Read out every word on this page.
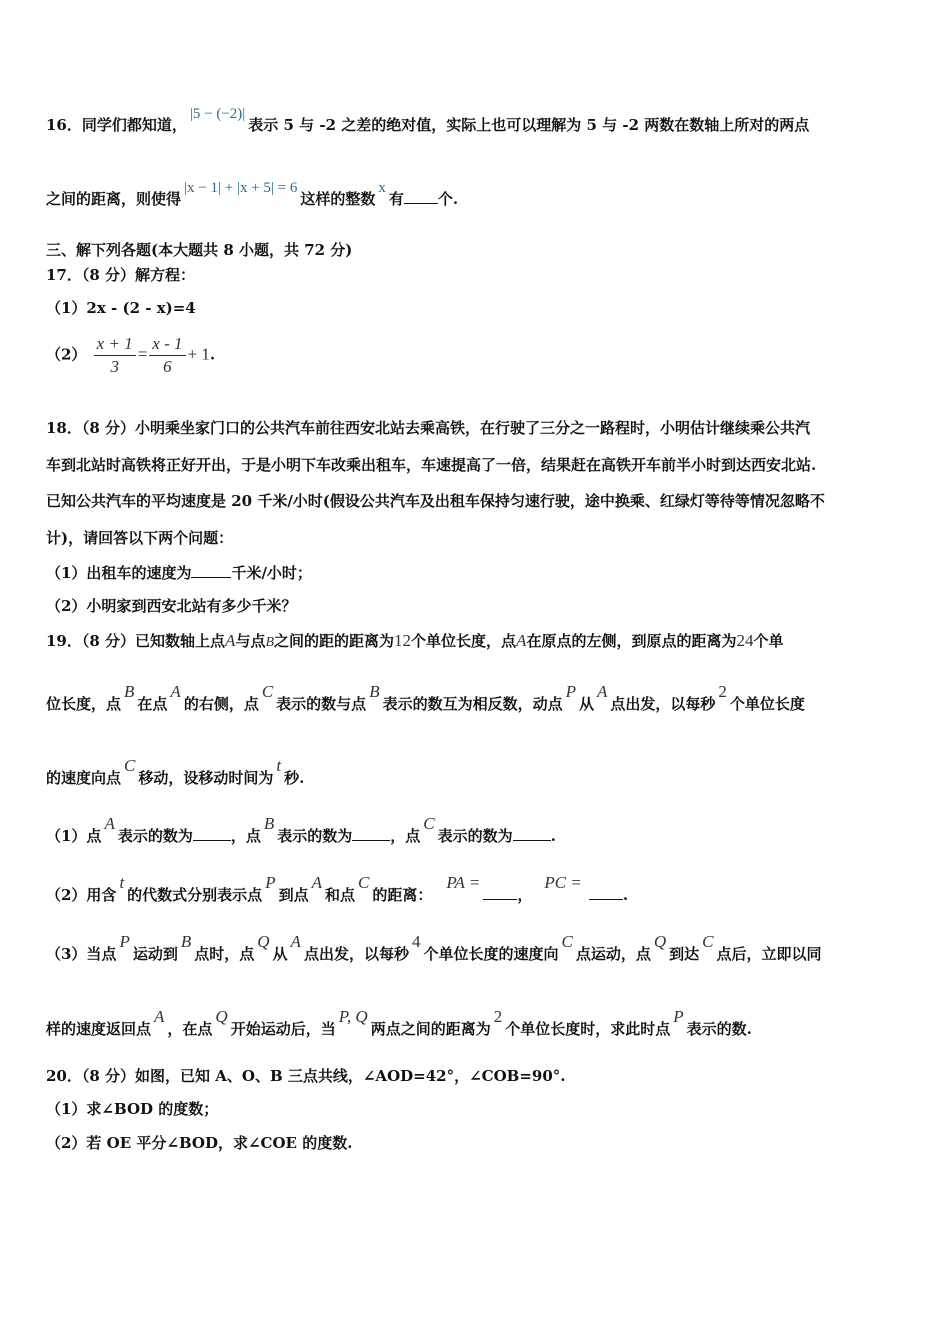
16．同学们都知道，|5 − (−2)|表示 5 与 -2 之差的绝对值，实际上也可以理解为 5 与 -2 两数在数轴上所对的两点
之间的距离，则使得|x − 1| + |x + 5| = 6这样的整数x有 个.
三、解下列各题(本大题共 8 小题，共 72 分)
17．（8 分）解方程：
（1）2x - (2 - x)=4
$(2) \frac{x + 1}{3} = \frac{x - 1}{6} + 1$.
18．（8 分）小明乘坐家门口的公共汽车前往西安北站去乘高铁，在行驶了三分之一路程时，小明估计继续乘公共汽
车到北站时高铁将正好开出，于是小明下车改乘出租车，车速提高了一倍，结果赶在高铁开车前半小时到达西安北站.
已知公共汽车的平均速度是 20 千米/小时(假设公共汽车及出租车保持匀速行驶，途中换乘、红绿灯等待等情况忽略不
计)，请回答以下两个问题：
（1）出租车的速度为	千米/小时；
（2）小明家到西安北站有多少千米？
19．（8 分）已知数轴上点A与点B之间的距的距离为12个单位长度，点A在原点的左侧，到原点的距离为24个单
位长度，点B在点A的右侧，点C表示的数与点B表示的数互为相反数，动点P从A点出发，以每秒2个单位长度
的速度向点C移动，设移动时间为t秒.
（1）点A表示的数为	，点B表示的数为	，点C表示的数为	.
（2）用含t的代数式分别表示点P到点A和点C的距离：PA =，PC =.
（3）当点P运动到B点时，点Q从A点出发，以每秒4个单位长度的速度向C点运动，点Q到达C点后，立即以同
样的速度返回点A，在点Q开始运动后，当P, Q两点之间的距离为2个单位长度时，求此时点P表示的数.
20．（8 分）如图，已知 A、O、B 三点共线，∠AOD=42°，∠COB=90°.
（1）求∠BOD 的度数；
（2）若 OE 平分∠BOD，求∠COE 的度数.
